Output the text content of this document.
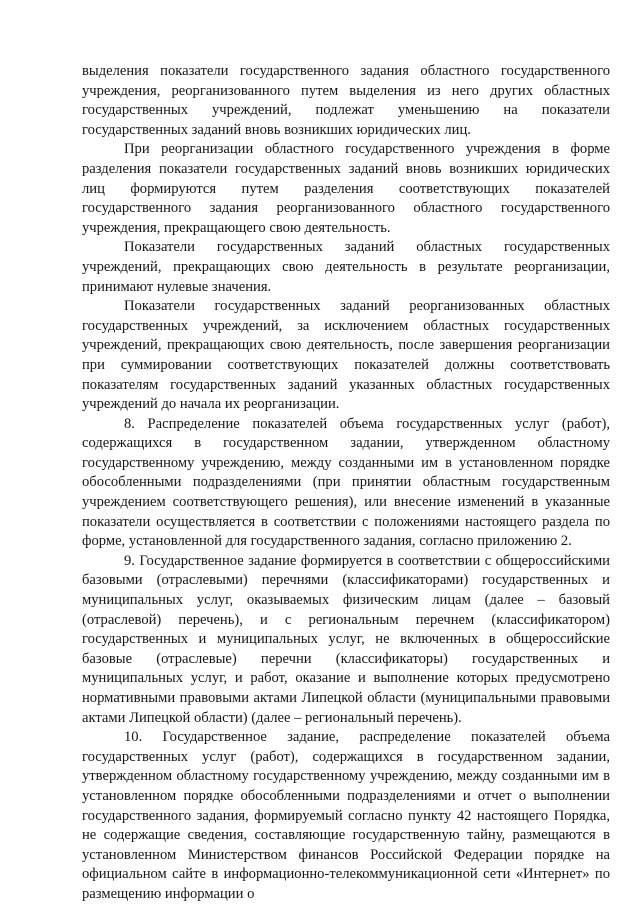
выделения показатели государственного задания областного государственного учреждения, реорганизованного путем выделения из него других областных государственных учреждений, подлежат уменьшению на показатели государственных заданий вновь возникших юридических лиц.

При реорганизации областного государственного учреждения в форме разделения показатели государственных заданий вновь возникших юридических лиц формируются путем разделения соответствующих показателей государственного задания реорганизованного областного государственного учреждения, прекращающего свою деятельность.

Показатели государственных заданий областных государственных учреждений, прекращающих свою деятельность в результате реорганизации, принимают нулевые значения.

Показатели государственных заданий реорганизованных областных государственных учреждений, за исключением областных государственных учреждений, прекращающих свою деятельность, после завершения реорганизации при суммировании соответствующих показателей должны соответствовать показателям государственных заданий указанных областных государственных учреждений до начала их реорганизации.

8. Распределение показателей объема государственных услуг (работ), содержащихся в государственном задании, утвержденном областному государственному учреждению, между созданными им в установленном порядке обособленными подразделениями (при принятии областным государственным учреждением соответствующего решения), или внесение изменений в указанные показатели осуществляется в соответствии с положениями настоящего раздела по форме, установленной для государственного задания, согласно приложению 2.

9. Государственное задание формируется в соответствии с общероссийскими базовыми (отраслевыми) перечнями (классификаторами) государственных и муниципальных услуг, оказываемых физическим лицам (далее – базовый (отраслевой) перечень), и с региональным перечнем (классификатором) государственных и муниципальных услуг, не включенных в общероссийские базовые (отраслевые) перечни (классификаторы) государственных и муниципальных услуг, и работ, оказание и выполнение которых предусмотрено нормативными правовыми актами Липецкой области (муниципальными правовыми актами Липецкой области) (далее – региональный перечень).

10. Государственное задание, распределение показателей объема государственных услуг (работ), содержащихся в государственном задании, утвержденном областному государственному учреждению, между созданными им в установленном порядке обособленными подразделениями и отчет о выполнении государственного задания, формируемый согласно пункту 42 настоящего Порядка, не содержащие сведения, составляющие государственную тайну, размещаются в установленном Министерством финансов Российской Федерации порядке на официальном сайте в информационно-телекоммуникационной сети «Интернет» по размещению информации о
